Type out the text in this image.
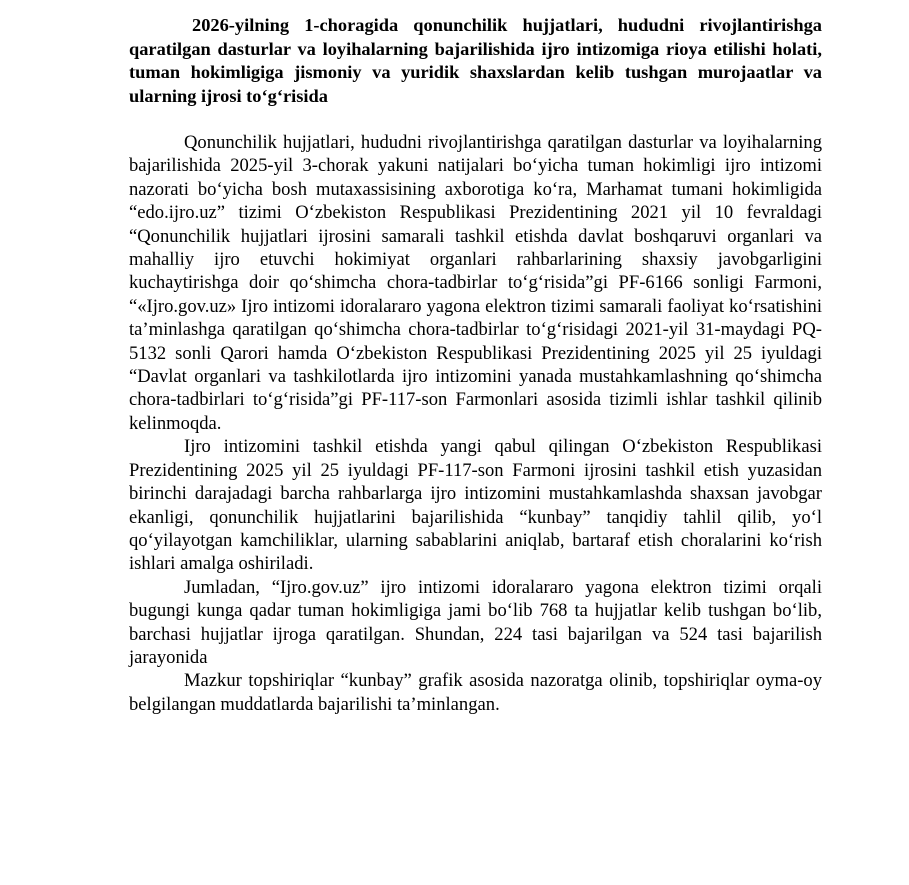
2026-yilning 1-choragida qonunchilik hujjatlari, hududni rivojlantirishga qaratilgan dasturlar va loyihalarning bajarilishida ijro intizomiga rioya etilishi holati, tuman hokimligiga jismoniy va yuridik shaxslardan kelib tushgan murojaatlar va ularning ijrosi to‘g‘risida

Qonunchilik hujjatlari, hududni rivojlantirishga qaratilgan dasturlar va loyihalarning bajarilishida 2025-yil 3-chorak yakuni natijalari bo‘yicha tuman hokimligi ijro intizomi nazorati bo‘yicha bosh mutaxassisining axborotiga ko‘ra, Marhamat tumani hokimligida “edo.ijro.uz” tizimi O‘zbekiston Respublikasi Prezidentining 2021 yil 10 fevraldagi “Qonunchilik hujjatlari ijrosini samarali tashkil etishda davlat boshqaruvi organlari va mahalliy ijro etuvchi hokimiyat organlari rahbarlarining shaxsiy javobgarligini kuchaytirishga doir qo‘shimcha chora-tadbirlar to‘g‘risida”gi PF-6166 sonligi Farmoni, “«Ijro.gov.uz» Ijro intizomi idoralararo yagona elektron tizimi samarali faoliyat ko‘rsatishini ta’minlashga qaratilgan qo‘shimcha chora-tadbirlar to‘g‘risidagi 2021-yil 31-maydagi PQ-5132 sonli Qarori hamda O‘zbekiston Respublikasi Prezidentining 2025 yil 25 iyuldagi “Davlat organlari va tashkilotlarda ijro intizomini yanada mustahkamlashning qo‘shimcha chora-tadbirlari to‘g‘risida”gi PF-117-son Farmonlari asosida tizimli ishlar tashkil qilinib kelinmoqda.

Ijro intizomini tashkil etishda yangi qabul qilingan O‘zbekiston Respublikasi Prezidentining 2025 yil 25 iyuldagi PF-117-son Farmoni ijrosini tashkil etish yuzasidan birinchi darajadagi barcha rahbarlarga ijro intizomini mustahkamlashda shaxsan javobgar ekanligi, qonunchilik hujjatlarini bajarilishida “kunbay” tanqidiy tahlil qilib, yo‘l qo‘yilayotgan kamchiliklar, ularning sabablarini aniqlab, bartaraf etish choralarini ko‘rish ishlari amalga oshiriladi.

Jumladan, “Ijro.gov.uz” ijro intizomi idoralararo yagona elektron tizimi orqali bugungi kunga qadar tuman hokimligiga jami bo‘lib 768 ta hujjatlar kelib tushgan bo‘lib, barchasi hujjatlar ijroga qaratilgan. Shundan, 224 tasi bajarilgan va 524 tasi bajarilish jarayonida

Mazkur topshiriqlar “kunbay” grafik asosida nazoratga olinib, topshiriqlar oyma-oy belgilangan muddatlarda bajarilishi ta’minlangan.
